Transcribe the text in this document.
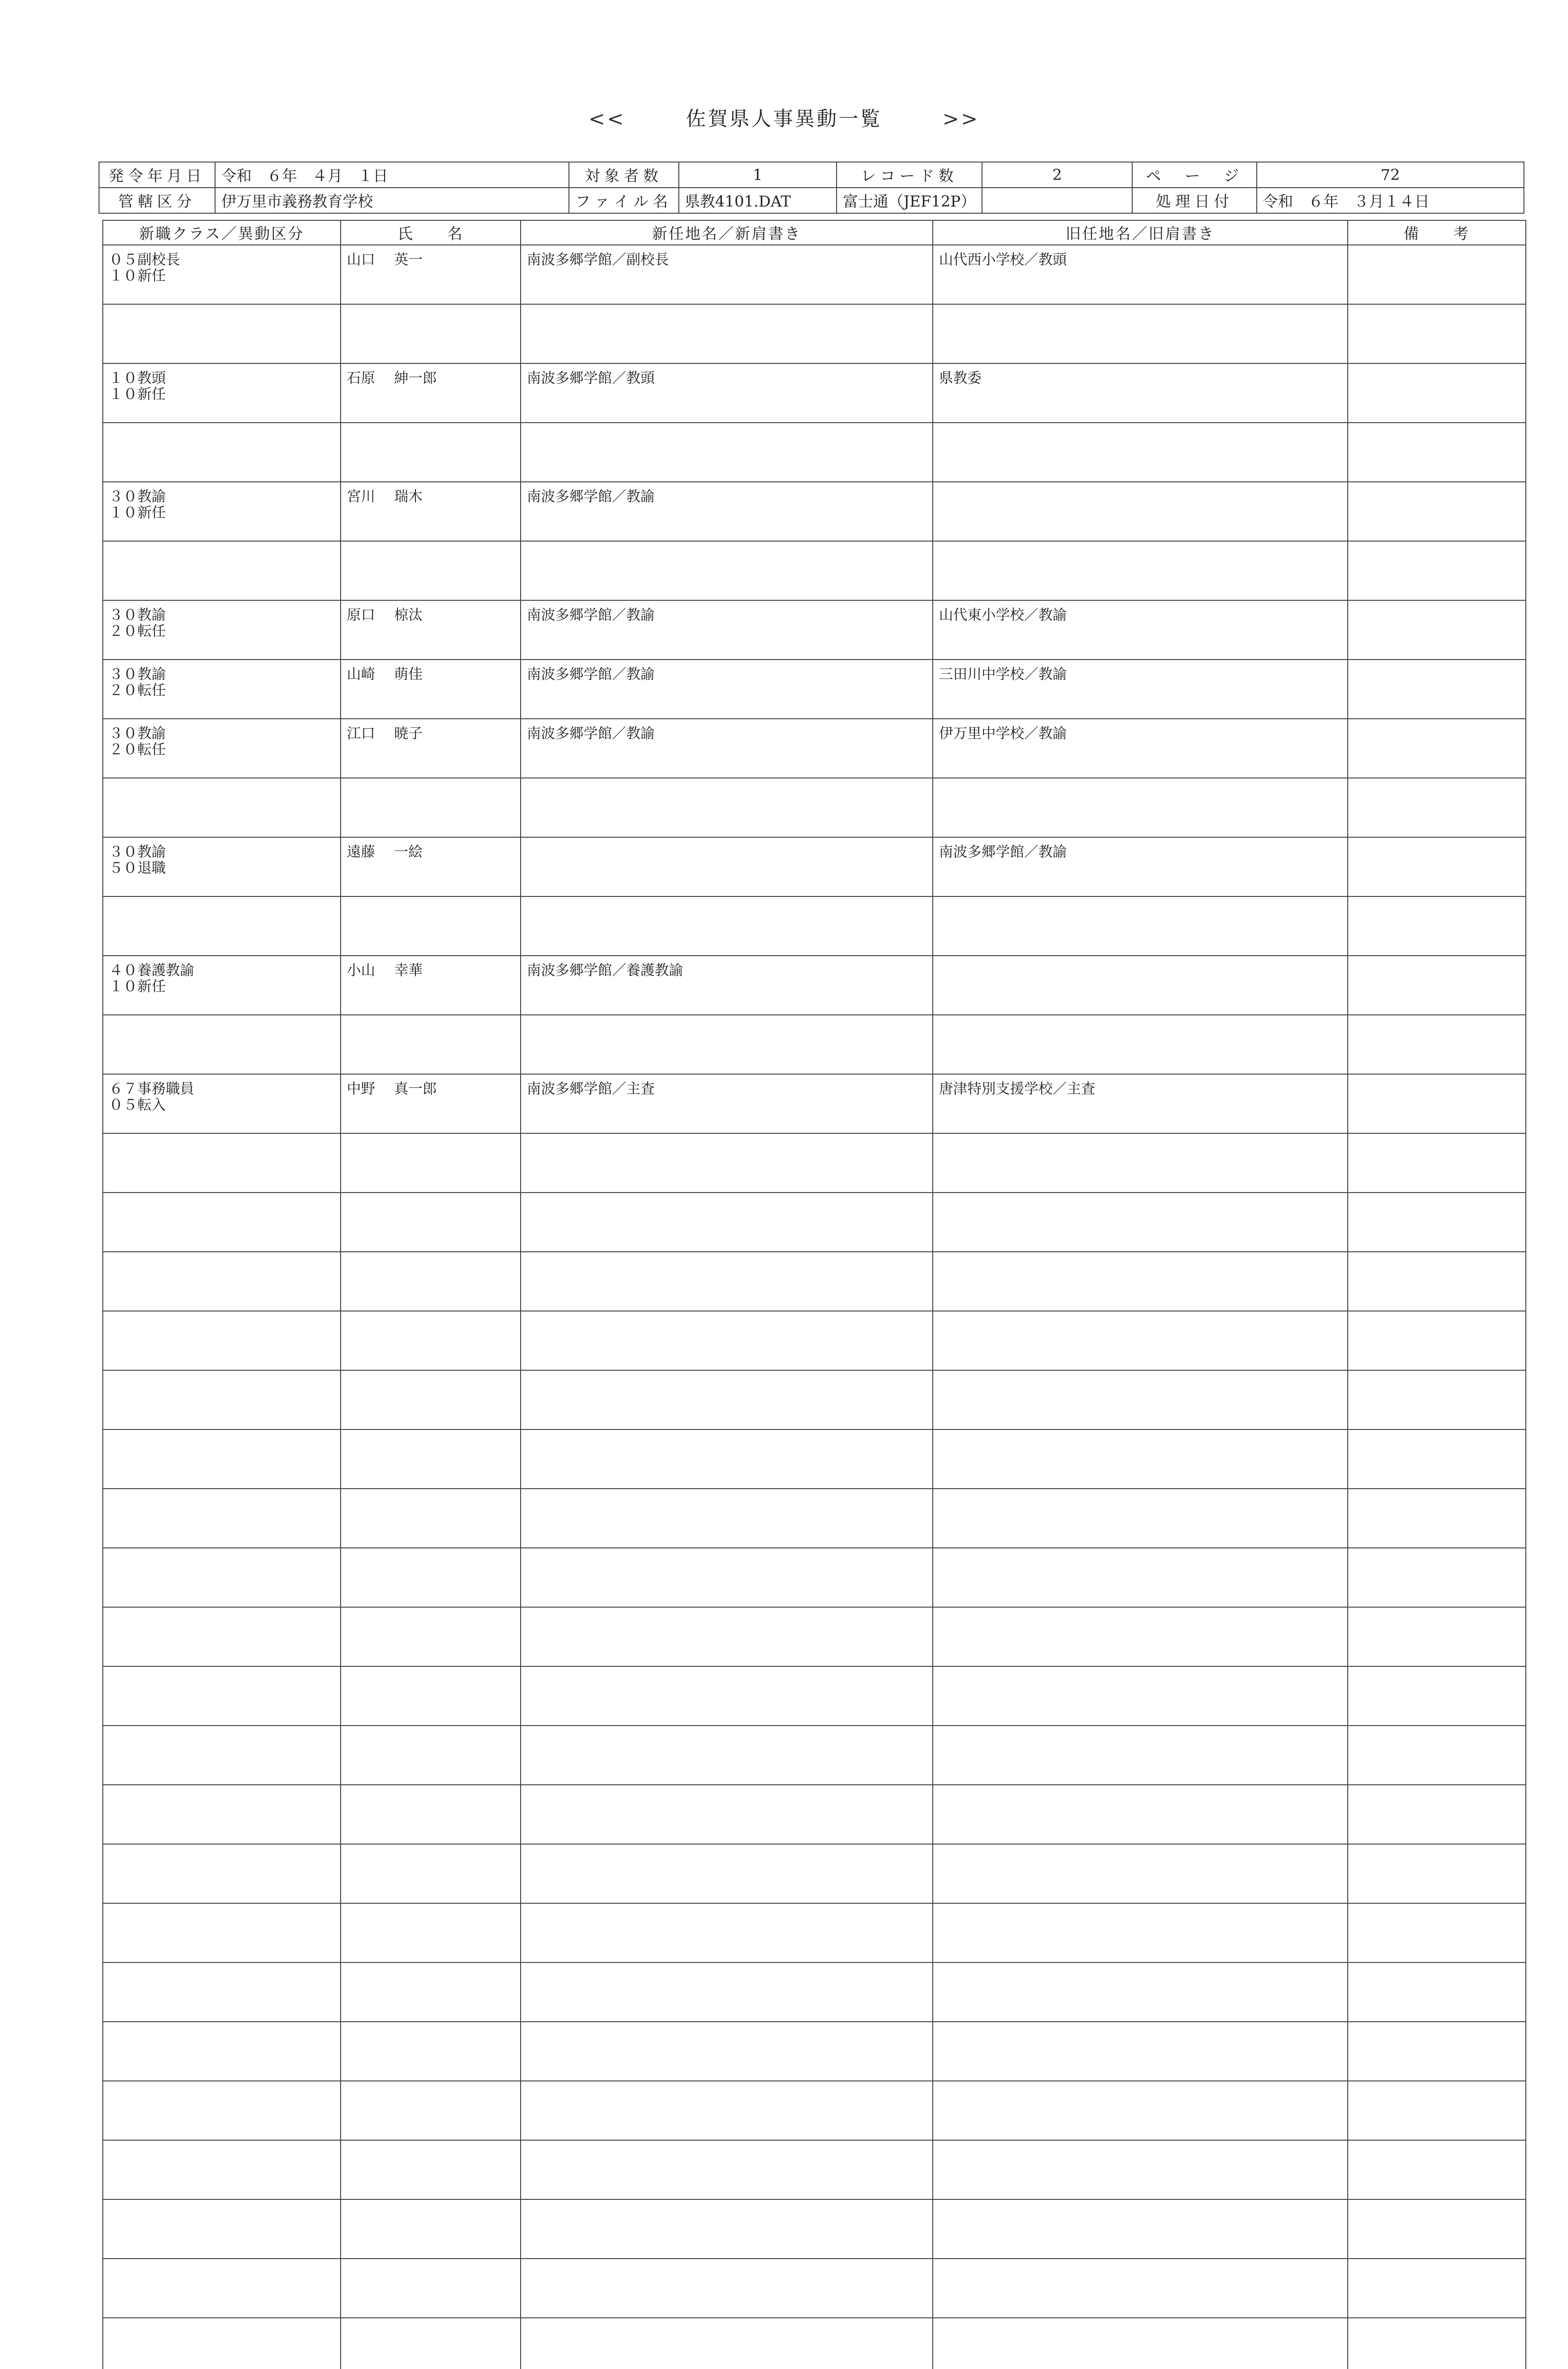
<<	佐賀県人事異動一覧	>>
発令年月日	令和　６年　４月　１日	対象者数	1	レコード数	2	ペ　ー　ジ	72
管轄区分	伊万里市義務教育学校	ファイル名	県教4101.DAT	富士通（JEF12P）		処理日付	令和　６年　３月１４日
新職クラス／異動区分	氏　　名	新任地名／新肩書き	旧任地名／旧肩書き	備　　考

０５副校長
１０新任	山口 英一	南波多郷学館／副校長	山代西小学校／教頭	

１０教頭
１０新任	石原 紳一郎	南波多郷学館／教頭	県教委	

３０教諭
１０新任	宮川 瑞木	南波多郷学館／教諭		

３０教諭
２０転任	原口 椋汰	南波多郷学館／教諭	山代東小学校／教諭	

３０教諭
２０転任	山崎 萌佳	南波多郷学館／教諭	三田川中学校／教諭	

３０教諭
２０転任	江口 暁子	南波多郷学館／教諭	伊万里中学校／教諭	

３０教諭
５０退職	遠藤 一絵		南波多郷学館／教諭	

４０養護教諭
１０新任	小山 幸華	南波多郷学館／養護教諭		

６７事務職員
０５転入	中野 真一郎	南波多郷学館／主査	唐津特別支援学校／主査	
